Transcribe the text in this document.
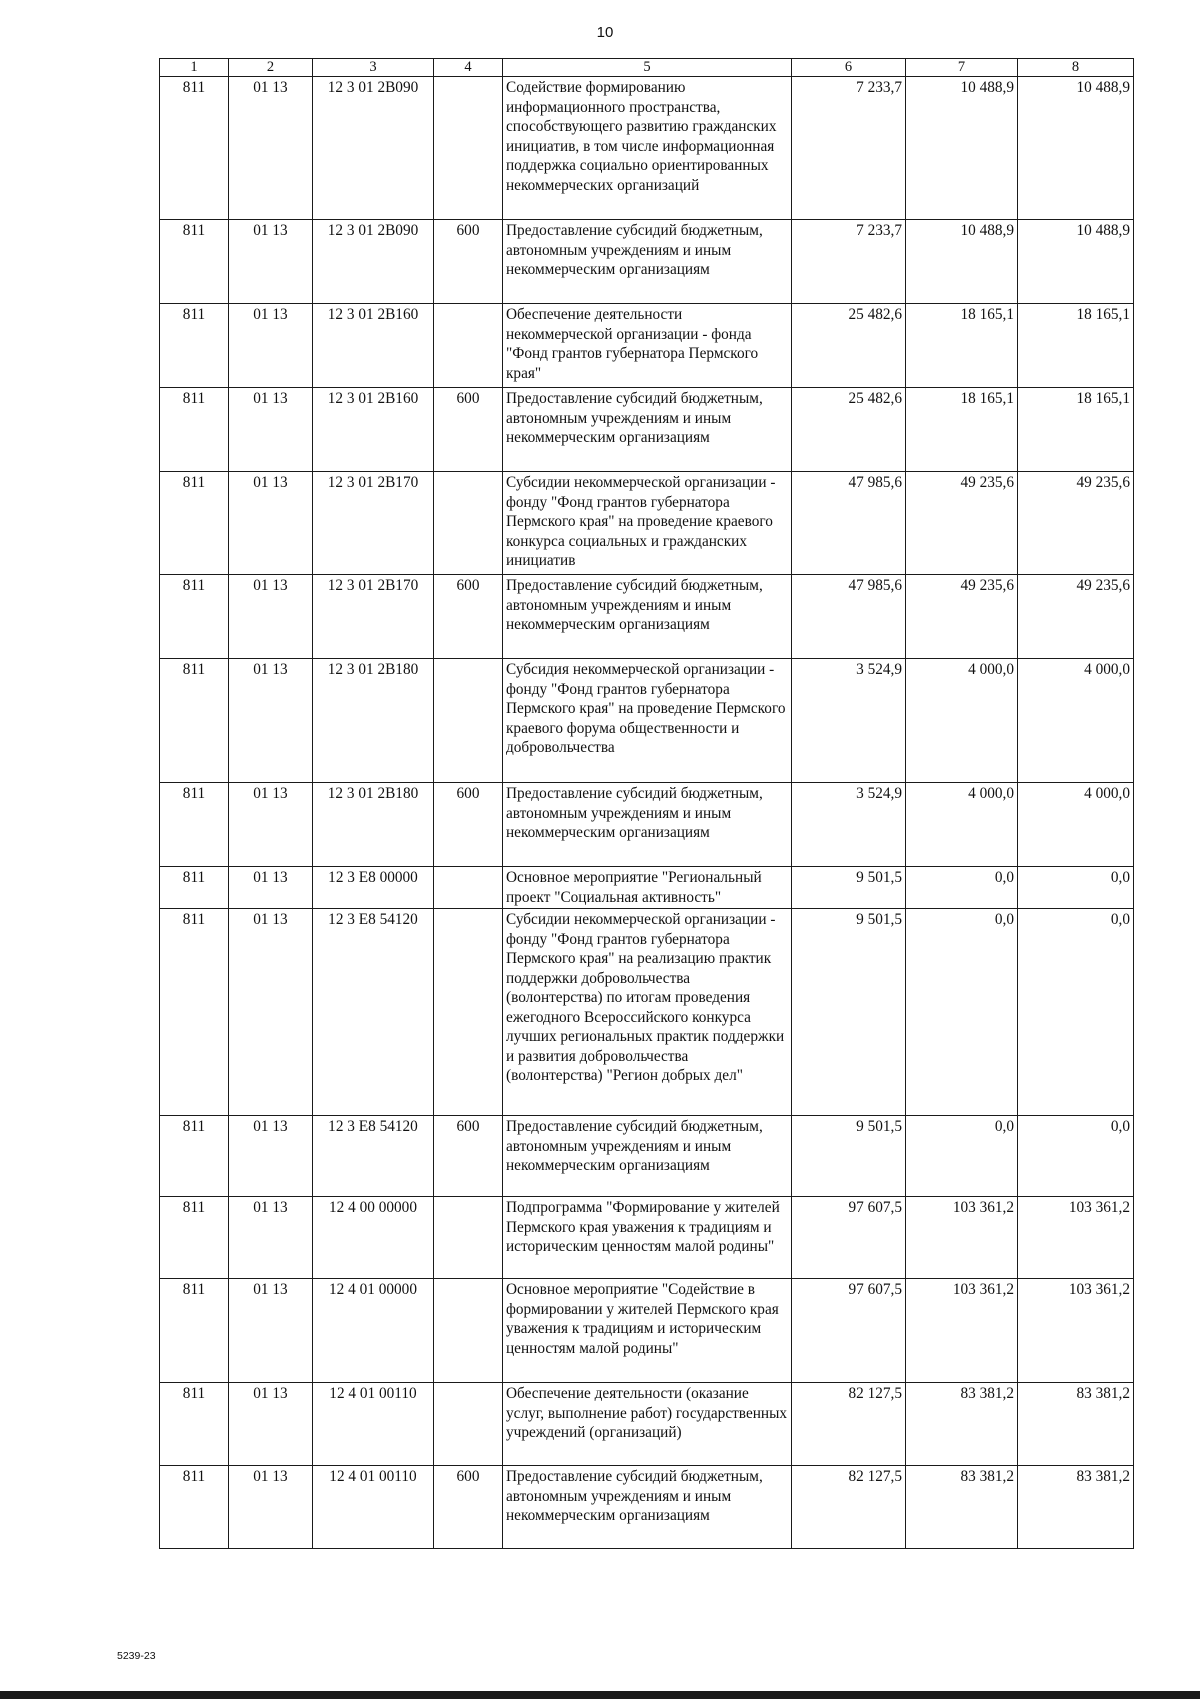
10
1	2	3	4	5	6	7	8
811	01 13	12 3 01 2В090		Содействие формированию информационного пространства, способствующего развитию гражданских инициатив, в том числе информационная поддержка социально ориентированных некоммерческих организаций	7 233,7	10 488,9	10 488,9
811	01 13	12 3 01 2В090	600	Предоставление субсидий бюджетным, автономным учреждениям и иным некоммерческим организациям	7 233,7	10 488,9	10 488,9
811	01 13	12 3 01 2В160		Обеспечение деятельности некоммерческой организации - фонда "Фонд грантов губернатора Пермского края"	25 482,6	18 165,1	18 165,1
811	01 13	12 3 01 2В160	600	Предоставление субсидий бюджетным, автономным учреждениям и иным некоммерческим организациям	25 482,6	18 165,1	18 165,1
811	01 13	12 3 01 2В170		Субсидии некоммерческой организации - фонду "Фонд грантов губернатора Пермского края" на проведение краевого конкурса социальных и гражданских инициатив	47 985,6	49 235,6	49 235,6
811	01 13	12 3 01 2В170	600	Предоставление субсидий бюджетным, автономным учреждениям и иным некоммерческим организациям	47 985,6	49 235,6	49 235,6
811	01 13	12 3 01 2В180		Субсидия некоммерческой организации - фонду "Фонд грантов губернатора Пермского края" на проведение Пермского краевого форума общественности и добровольчества	3 524,9	4 000,0	4 000,0
811	01 13	12 3 01 2В180	600	Предоставление субсидий бюджетным, автономным учреждениям и иным некоммерческим организациям	3 524,9	4 000,0	4 000,0
811	01 13	12 3 E8 00000		Основное мероприятие "Региональный проект "Социальная активность"	9 501,5	0,0	0,0
811	01 13	12 3 E8 54120		Субсидии некоммерческой организации - фонду "Фонд грантов губернатора Пермского края" на реализацию практик поддержки добровольчества (волонтерства) по итогам проведения ежегодного Всероссийского конкурса лучших региональных практик поддержки и развития добровольчества (волонтерства) "Регион добрых дел"	9 501,5	0,0	0,0
811	01 13	12 3 E8 54120	600	Предоставление субсидий бюджетным, автономным учреждениям и иным некоммерческим организациям	9 501,5	0,0	0,0
811	01 13	12 4 00 00000		Подпрограмма "Формирование у жителей Пермского края уважения к традициям и историческим ценностям малой родины"	97 607,5	103 361,2	103 361,2
811	01 13	12 4 01 00000		Основное мероприятие "Содействие в формировании у жителей Пермского края уважения к традициям и историческим ценностям малой родины"	97 607,5	103 361,2	103 361,2
811	01 13	12 4 01 00110		Обеспечение деятельности (оказание услуг, выполнение работ) государственных учреждений (организаций)	82 127,5	83 381,2	83 381,2
811	01 13	12 4 01 00110	600	Предоставление субсидий бюджетным, автономным учреждениям и иным некоммерческим организациям	82 127,5	83 381,2	83 381,2
5239-23
